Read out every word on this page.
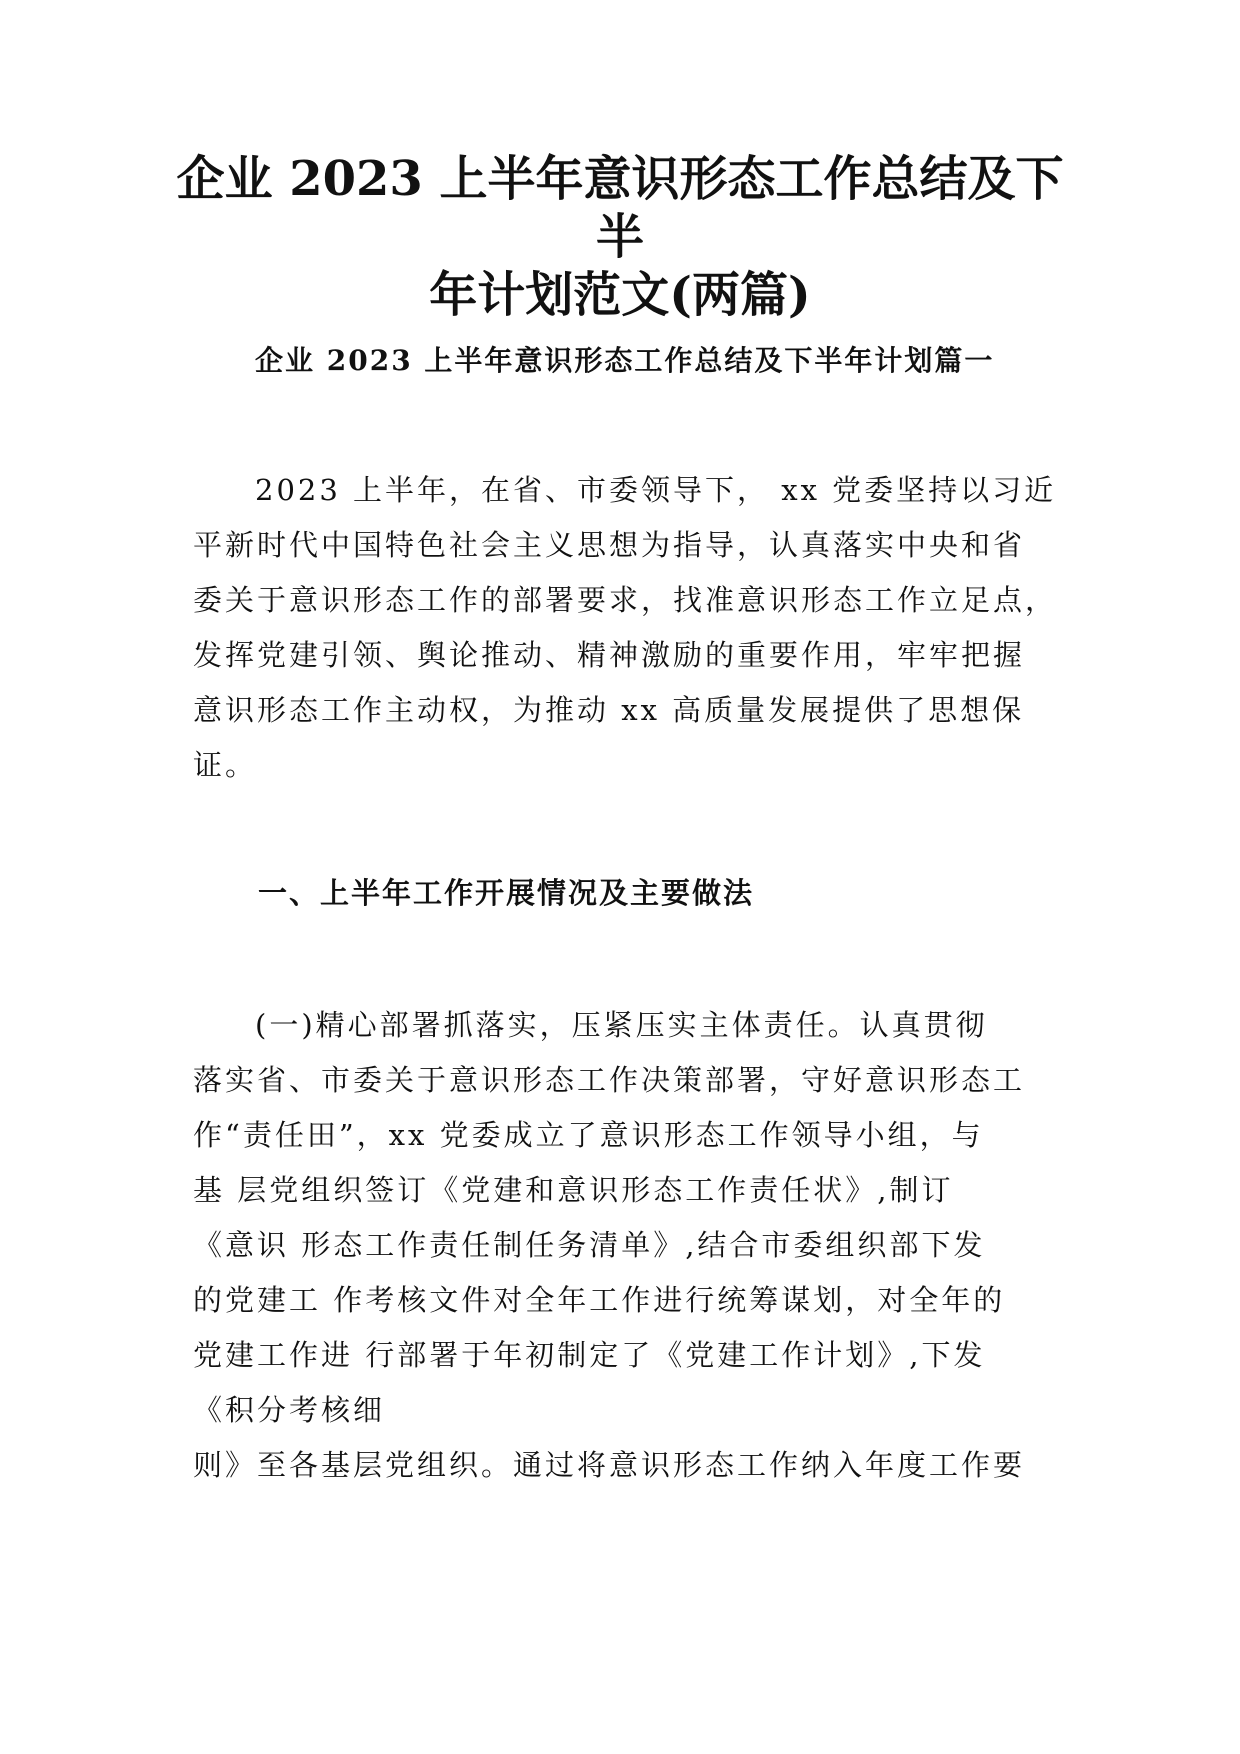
企业 2023 上半年意识形态工作总结及下半
年计划范文(两篇)
企业 2023 上半年意识形态工作总结及下半年计划篇一
2023 上半年，在省、市委领导下， xx 党委坚持以习近
平新时代中国特色社会主义思想为指导，认真落实中央和省
委关于意识形态工作的部署要求，找准意识形态工作立足点，
发挥党建引领、舆论推动、精神激励的重要作用，牢牢把握
意识形态工作主动权，为推动 xx 高质量发展提供了思想保
证。
一、上半年工作开展情况及主要做法
(一)精心部署抓落实，压紧压实主体责任。认真贯彻
落实省、市委关于意识形态工作决策部署，守好意识形态工
作“责任田”，xx 党委成立了意识形态工作领导小组，与
基 层党组织签订《党建和意识形态工作责任状》,制订
《意识 形态工作责任制任务清单》,结合市委组织部下发
的党建工 作考核文件对全年工作进行统筹谋划，对全年的
党建工作进 行部署于年初制定了《党建工作计划》,下发
《积分考核细
则》至各基层党组织。通过将意识形态工作纳入年度工作要
